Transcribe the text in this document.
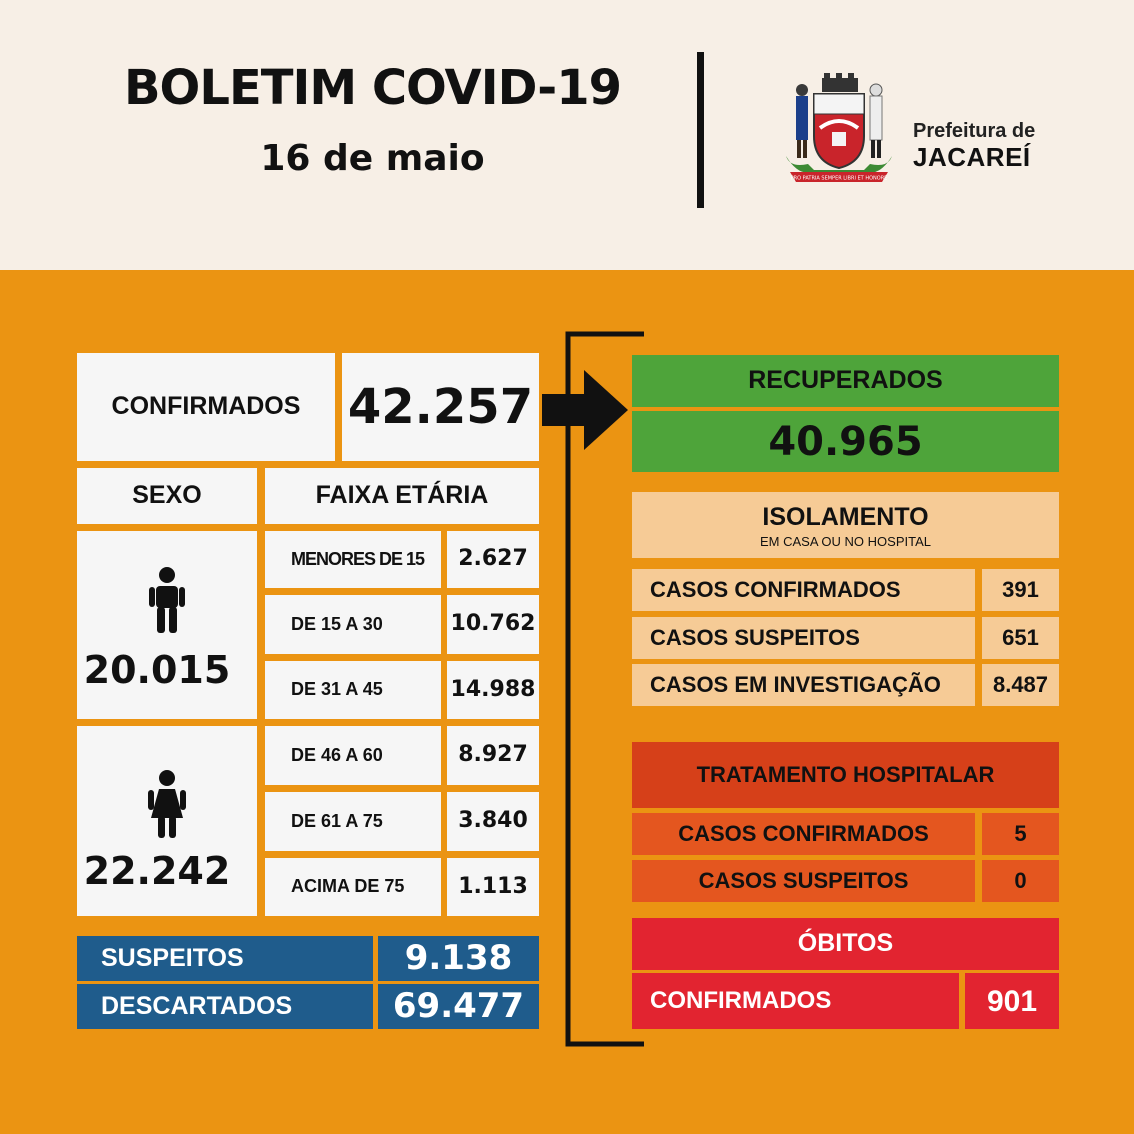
BOLETIM COVID-19
16 de maio	PRO PATRIA SEMPER LIBRI ET HONORE
Prefeitura de
JACAREÍ
CONFIRMADOS 42.257
SEXO	FAIXA ETÁRIA
20.015
22.242
MENORES DE 15	2.627
DE 15 A 30	10.762
DE 31 A 45	14.988
DE 46 A 60	8.927
DE 61 A 75	3.840
ACIMA DE 75	1.113
SUSPEITOS	9.138
DESCARTADOS	69.477
RECUPERADOS
40.965
ISOLAMENTO
EM CASA OU NO HOSPITAL
CASOS CONFIRMADOS	391
CASOS SUSPEITOS	651
CASOS EM INVESTIGAÇÃO	8.487
TRATAMENTO HOSPITALAR
CASOS CONFIRMADOS	5
CASOS SUSPEITOS	0
ÓBITOS
CONFIRMADOS	901
